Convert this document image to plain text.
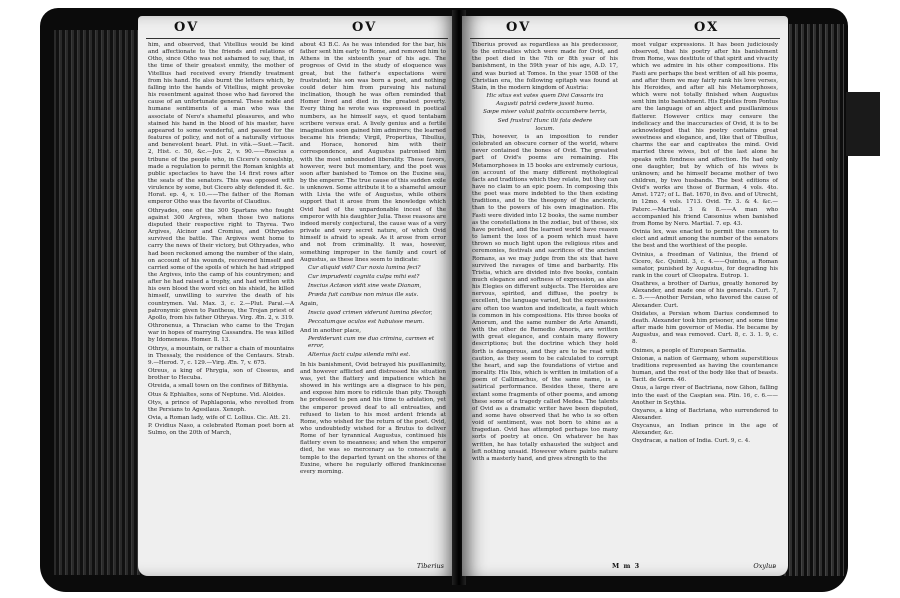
OV	OV

him, and observed, that Vitellius would be kind and affectionate to the friends and relations of Otho, since Otho was not ashamed to say, that, in the time of their greatest enmity, the mother of Vitellius had received every friendly treatment from his hand. He also burnt the letters which, by falling into the hands of Vitellius, might provoke his resentment against those who had favored the cause of an unfortunate general. These noble and humane sentiments of a man who was the associate of Nero's shameful pleasures, and who stained his hand in the blood of his master, have appeared to some wonderful, and passed for the features of policy, and not of a naturally virtuous and benevolent heart. Plut. in vità.—Suet.—Tacit. 2, Hist. c. 50, &c.—Juv. 2, v. 90.——Roscius a tribune of the people who, in Cicero's consulship, made a regulation to permit the Roman knights at public spectacles to have the 14 first rows after the seats of the senators. This was opposed with virulence by some, but Cicero ably defended it. &c. Horat. ep. 4, v. 10.——The father of the Roman emperor Otho was the favorite of Claudius.

Othryades, one of the 300 Spartans who fought against 300 Argives, when those two nations disputed their respective right to Thyrea. Two Argives, Alcinor and Cromius, and Othryades survived the battle. The Argives went home to carry the news of their victory, but Othryades, who had been reckoned among the number of the slain, on account of his wounds, recovered himself and carried some of the spoils of which he had stripped the Argives, into the camp of his countrymen; and after he had raised a trophy, and had written with his own blood the word vici on his shield, he killed himself, unwilling to survive the death of his countrymen. Val. Max. 3, c. 2.—Plut. Paral.—A patronymic given to Pantheus, the Trojan priest of Apollo, from his father Othryas. Virg. Æn. 2, v. 319.

Othronenus, a Thracian who came to the Trojan war in hopes of marrying Cassandra. He was killed by Idomeneus. Homer. Il. 13.

Othrys, a mountain, or rather a chain of mountains in Thessaly, the residence of the Centaurs. Strab. 9.—Herod. 7, c. 129.—Virg. Æn. 7, v. 675.

Otreus, a king of Phrygia, son of Cisseus, and brother to Hecuba.

Otreida, a small town on the confines of Bithynia.

Otus & Ephialtes, sons of Neptune. Vid. Aloides.

Otys, a prince of Paphlagonia, who revolted from the Persians to Agesilaus. Xenoph.

Ovia, a Roman lady, wife of C. Lollius. Cic. Att. 21.

P. Ovidius Naso, a celebrated Roman poet born at Sulmo, on the 20th of March,

about 43 B.C. As he was intended for the bar, his father sent him early to Rome, and removed him to Athens in the sixteenth year of his age. The progress of Ovid in the study of eloquence was great, but the father's expectations were frustrated; his son was born a poet, and nothing could deter him from pursuing his natural inclination, though he was often reminded that Homer lived and died in the greatest poverty. Every thing he wrote was expressed in poetical numbers, as he himself says, et quod tentabam scribere versus erat. A lively genius and a fertile imagination soon gained him admirers; the learned became his friends; Virgil, Propertius, Tibullus, and Horace, honored him with their correspondence, and Augustus patronised him with the most unbounded liberality. These favors, however, were but momentary, and the poet was soon after banished to Tomos on the Euxine sea, by the emperor. The true cause of this sudden exile is unknown. Some attribute it to a shameful amour with Livia the wife of Augustus, while others support that it arose from the knowledge which Ovid had of the unpardonable incest of the emperor with his daughter Julia. These reasons are indeed merely conjectural, the cause was of a very private and very secret nature, of which Ovid himself is afraid to speak. As it arose from error and not from criminality. It was, however, something improper in the family and court of Augustus, as these lines seem to indicate:

Cur aliquid vidi? Cur noxia lumina feci?
Cur imprudenti cognita culpa mihi est?
Inscius Actæon vidit sine veste Dianam,
Præda fuit canibus non minus ille suis.

Again,

Inscia quod crimen viderunt lumina plector,
Peccatumque oculos est habuisse meum.

And in another place,

Perdiderunt cum me duo crimina, carmen et error,
Alterius facti culpa silenda mihi est.

In his banishment, Ovid betrayed his pusillanimity, and however afflicted and distressed his situation was, yet the flattery and impatience which he showed in his writings are a disgrace to his pen, and expose him more to ridicule than pity. Though he professed to pen and his time to adulation, yet the emperor proved deaf to all entreaties, and refused to listen to his most ardent friends at Rome, who wished for the return of the poet. Ovid, who undoubtedly wished for a Brutus to deliver Rome of her tyrannical Augustus, continued his flattery even to meanness; and when the emperor died, he was so mercenary as to consecrate a temple to the departed tyrant on the shores of the Euxine, where he regularly offered frankincense every morning.

Tiberius
OV	OX

Tiberius proved as regardless as his predecessor, to the entreaties which were made for Ovid, and the poet died in the 7th or 8th year of his banishment, in the 59th year of his age, A.D. 17, and was buried at Tomos. In the year 1508 of the Christian era, the following epitaph was found at Stain, in the modern kingdom of Austria:

Hic situs est vates quem Divi Cæsaris ira
Augusti patriâ cedere jussit humo.
Sæpe miser voluit patriis occumbere terris,
Sed frustra! Hunc illi fata dedere
locum.

This, however, is an imposition to render celebrated an obscure corner of the world, where never contained the bones of Ovid. The greatest part of Ovid's poems are remaining. His Metamorphoses in 15 books are extremely curious, on account of the many different mythological facts and traditions which they relate, but they can have no claim to an epic poem. In composing this the poet was more indebted to the then existing traditions, and to the theogony of the ancients, than to the powers of his own imagination. His Fasti were divided into 12 books, the same number as the constellations in the zodiac, but of these, six have perished, and the learned world have reason to lament the loss of a poem which must have thrown so much light upon the religious rites and ceremonies, festivals and sacrifices of the ancient Romans, as we may judge from the six that have survived the ravages of time and barbarity. His Tristia, which are divided into five books, contain much elegance and softness of expression, as also his Elegies on different subjects. The Heroides are nervous, spirited, and diffuse, the poetry is excellent, the language varied, but the expressions are often too wanton and indelicate, a fault which is common in his compositions. His three books of Amorum, and the same number de Arte Amandi, with the other de Remedio Amoris, are written with great elegance, and contain many flowery descriptions; but the doctrine which they hold forth is dangerous, and they are to be read with caution, as they seem to be calculated to corrupt the heart, and sap the foundations of virtue and morality. His Ibis, which is written in imitation of a poem of Callimachus, of the same name, is a satirical performance. Besides these, there are extant some fragments of other poems, and among these some of a tragedy called Medea. The talents of Ovid as a dramatic writer have been disputed, and some have observed that he who is so often void of sentiment, was not born to shine as a tragedian. Ovid has attempted perhaps too many sorts of poetry at once. On whatever he has written, he has totally exhausted the subject and left nothing unsaid. However where paints nature with a masterly hand, and gives strength to the

most vulgar expressions. It has been judiciously observed, that his poetry after his banishment from Rome, was destitute of that spirit and vivacity which we admire in his other compositions. His Fasti are perhaps the best written of all his poems, and after them we may fairly rank his love verses, his Heroides, and after all his Metamorphoses, which were not totally finished when Augustus sent him into banishment. His Epistles from Pontus are the language of an abject and pusillanimous flatterer. However critics may censure the indelicacy and the inaccuracies of Ovid, it is to be acknowledged that his poetry contains great sweetness and elegance, and, like that of Tibullus, charms the ear and captivates the mind. Ovid married three wives, but of the last alone he speaks with fondness and affection. He had only one daughter, but by which of his wives is unknown; and he himself became mother of two children, by two husbands. The best editions of Ovid's works are those of Burman, 4 vols. 4to. Amst. 1727; of L. Bat. 1670, in 8vo. and of Utrecht, in 12mo. 4 vols. 1713. Ovid. Tr. 3. & 4. &c.—Paterc.—Martial. 3 & 8.——A man who accompanied his friend Cæsonius when banished from Rome by Nero. Martial. 7. ep. 43.

Ovinia lex, was enacted to permit the censors to elect and admit among the number of the senators the best and the worthiest of the people.

Ovinius, a freedman of Vatinius, the friend of Cicero, &c. Quintil. 3, c. 4.——Quintus, a Roman senator, punished by Augustus, for degrading his rank in the court of Cleopatra. Eutrop. 1.

Oxathres, a brother of Darius, greatly honored by Alexander, and made one of his generals. Curt. 7, c. 5.——Another Persian, who favored the cause of Alexander. Curt.

Oxidates, a Persian whom Darius condemned to death. Alexander took him prisoner, and some time after made him governor of Media. He became by Augustus, and was removed. Curt. 8, c. 3. 1. 9, c. 8.

Oximes, a people of European Sarmatia.

Oxionæ, a nation of Germany, whom superstitious traditions represented as having the countenance human, and the rest of the body like that of beasts. Tacit. de Germ. 46.

Oxus, a large river of Bactriana, now Gihon, falling into the east of the Caspian sea. Plin. 16, c. 6.——Another in Scythia.

Oxyares, a king of Bactriana, who surrendered to Alexander.

Oxycanus, an Indian prince in the age of Alexander, &c.

Oxydracæ, a nation of India. Curt. 9, c. 4.

M m 3	Oxyluᴃ
